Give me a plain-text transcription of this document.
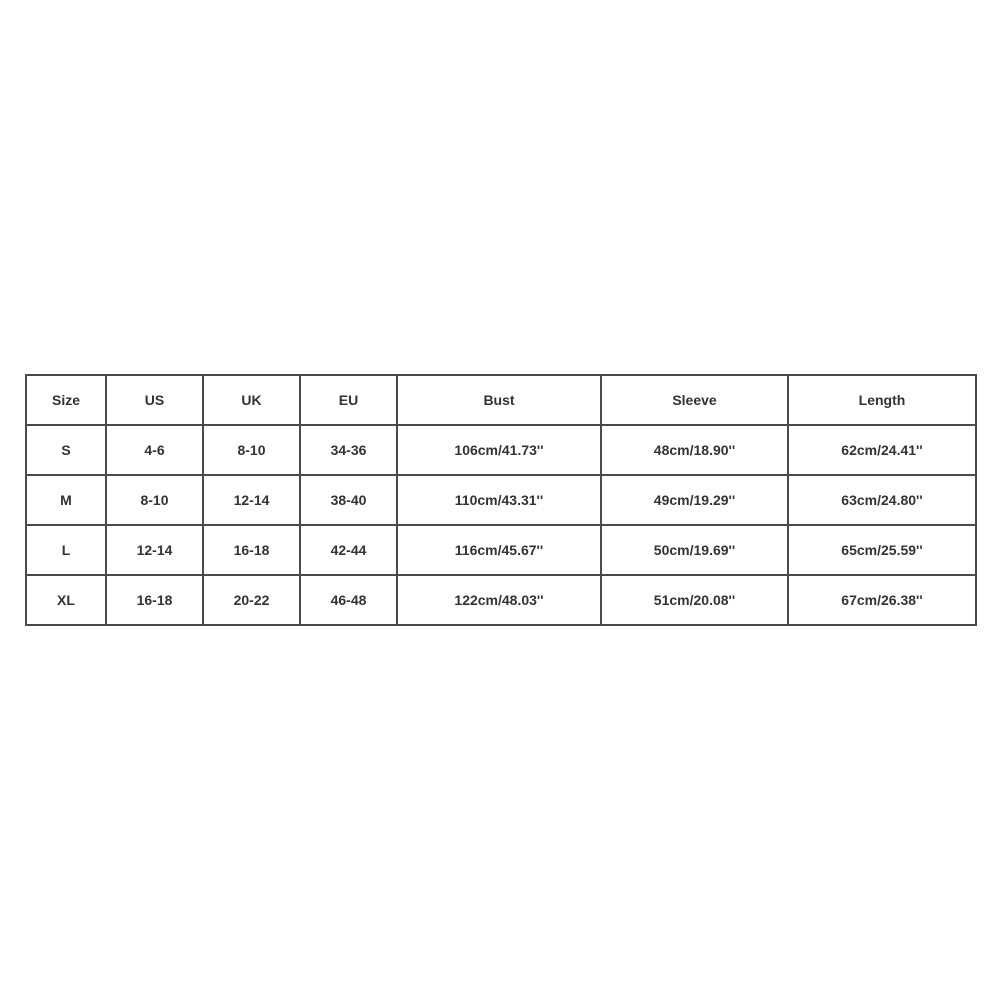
Size	US	UK	EU	Bust	Sleeve	Length
S	4-6	8-10	34-36	106cm/41.73''	48cm/18.90''	62cm/24.41''
M	8-10	12-14	38-40	110cm/43.31''	49cm/19.29''	63cm/24.80''
L	12-14	16-18	42-44	116cm/45.67''	50cm/19.69''	65cm/25.59''
XL	16-18	20-22	46-48	122cm/48.03''	51cm/20.08''	67cm/26.38''
